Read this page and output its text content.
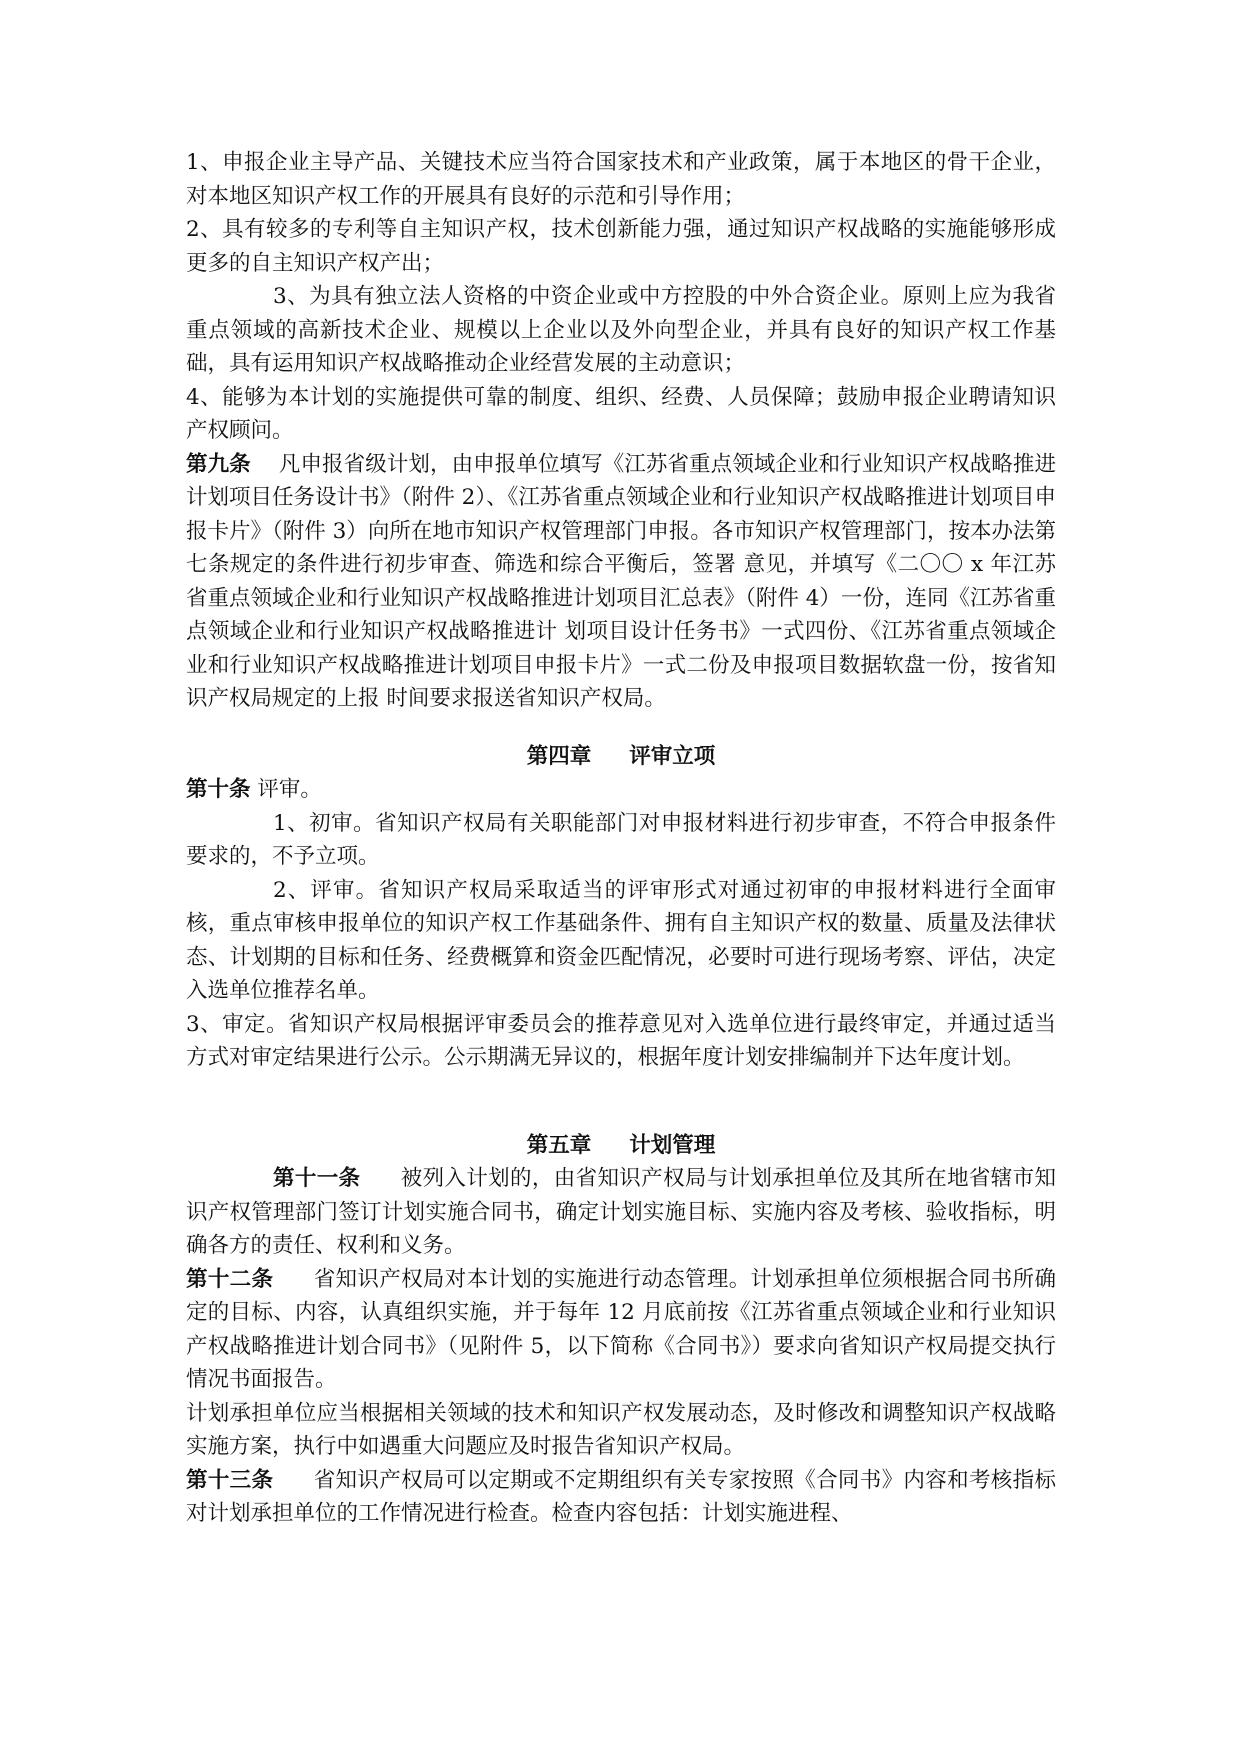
1、申报企业主导产品、关键技术应当符合国家技术和产业政策，属于本地区的骨干企业，对本地区知识产权工作的开展具有良好的示范和引导作用；

2、具有较多的专利等自主知识产权，技术创新能力强，通过知识产权战略的实施能够形成更多的自主知识产权产出；

3、为具有独立法人资格的中资企业或中方控股的中外合资企业。原则上应为我省重点领域的高新技术企业、规模以上企业以及外向型企业，并具有良好的知识产权工作基础，具有运用知识产权战略推动企业经营发展的主动意识；

4、能够为本计划的实施提供可靠的制度、组织、经费、人员保障；鼓励申报企业聘请知识产权顾问。

第九条 凡申报省级计划，由申报单位填写《江苏省重点领域企业和行业知识产权战略推进计划项目任务设计书》（附件 2）、《江苏省重点领域企业和行业知识产权战略推进计划项目申报卡片》（附件 3）向所在地市知识产权管理部门申报。各市知识产权管理部门，按本办法第七条规定的条件进行初步审查、筛选和综合平衡后，签署 意见，并填写《二〇〇 x 年江苏省重点领域企业和行业知识产权战略推进计划项目汇总表》（附件 4）一份，连同《江苏省重点领域企业和行业知识产权战略推进计 划项目设计任务书》一式四份、《江苏省重点领域企业和行业知识产权战略推进计划项目申报卡片》一式二份及申报项目数据软盘一份，按省知识产权局规定的上报 时间要求报送省知识产权局。

第四章 评审立项

第十条 评审。

1、初审。省知识产权局有关职能部门对申报材料进行初步审查，不符合申报条件要求的，不予立项。

2、评审。省知识产权局采取适当的评审形式对通过初审的申报材料进行全面审核，重点审核申报单位的知识产权工作基础条件、拥有自主知识产权的数量、质量及法律状态、计划期的目标和任务、经费概算和资金匹配情况，必要时可进行现场考察、评估，决定入选单位推荐名单。

3、审定。省知识产权局根据评审委员会的推荐意见对入选单位进行最终审定，并通过适当方式对审定结果进行公示。公示期满无异议的，根据年度计划安排编制并下达年度计划。

第五章 计划管理

第十一条 被列入计划的，由省知识产权局与计划承担单位及其所在地省辖市知识产权管理部门签订计划实施合同书，确定计划实施目标、实施内容及考核、验收指标，明确各方的责任、权利和义务。

第十二条 省知识产权局对本计划的实施进行动态管理。计划承担单位须根据合同书所确定的目标、内容，认真组织实施，并于每年 12 月底前按《江苏省重点领域企业和行业知识产权战略推进计划合同书》（见附件 5，以下简称《合同书》）要求向省知识产权局提交执行情况书面报告。

计划承担单位应当根据相关领域的技术和知识产权发展动态，及时修改和调整知识产权战略实施方案，执行中如遇重大问题应及时报告省知识产权局。

第十三条 省知识产权局可以定期或不定期组织有关专家按照《合同书》内容和考核指标对计划承担单位的工作情况进行检查。检查内容包括：计划实施进程、
